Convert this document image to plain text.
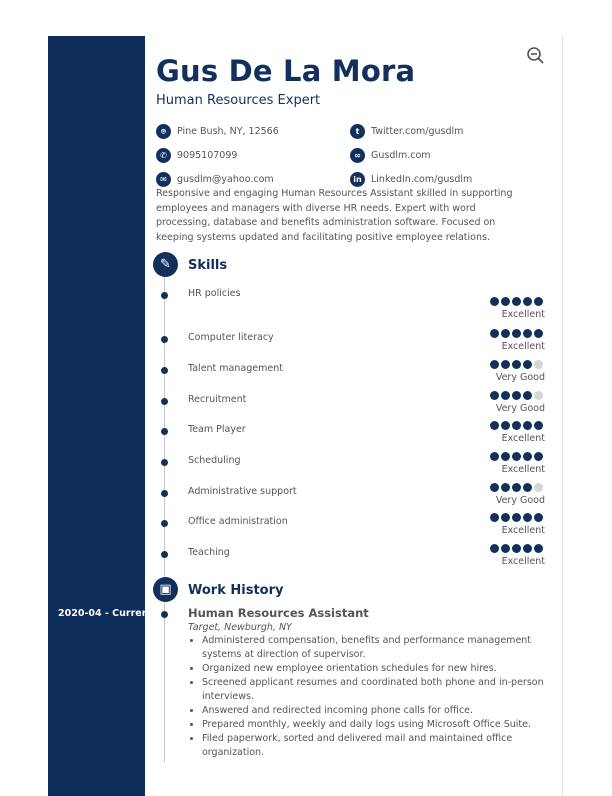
Gus De La Mora
Human Resources Expert
⌾	Pine Bush, NY, 12566	t	Twitter.com/gusdlm
✆	9095107099	∞	Gusdlm.com
✉	gusdlm@yahoo.com	in LinkedIn.com/gusdlm
Responsive and engaging Human Resources Assistant skilled in supporting employees and managers with diverse HR needs. Expert with word processing, database and benefits administration software. Focused on keeping systems updated and facilitating positive employee relations.
✎	Skills
HR policies
Excellent
Computer literacy
Excellent
Talent management
Very Good
Recruitment
Very Good
Team Player
Excellent
Scheduling
Excellent
Administrative support
Very Good
Office administration
Excellent
Teaching
Excellent
▣	Work History
2020-04 - Current	Human Resources Assistant
Target, Newburgh, NY
• Administered compensation, benefits and performance management systems at direction of supervisor.
• Organized new employee orientation schedules for new hires.
• Screened applicant resumes and coordinated both phone and in-person interviews.
• Answered and redirected incoming phone calls for office.
• Prepared monthly, weekly and daily logs using Microsoft Office Suite.
• Filed paperwork, sorted and delivered mail and maintained office organization.
